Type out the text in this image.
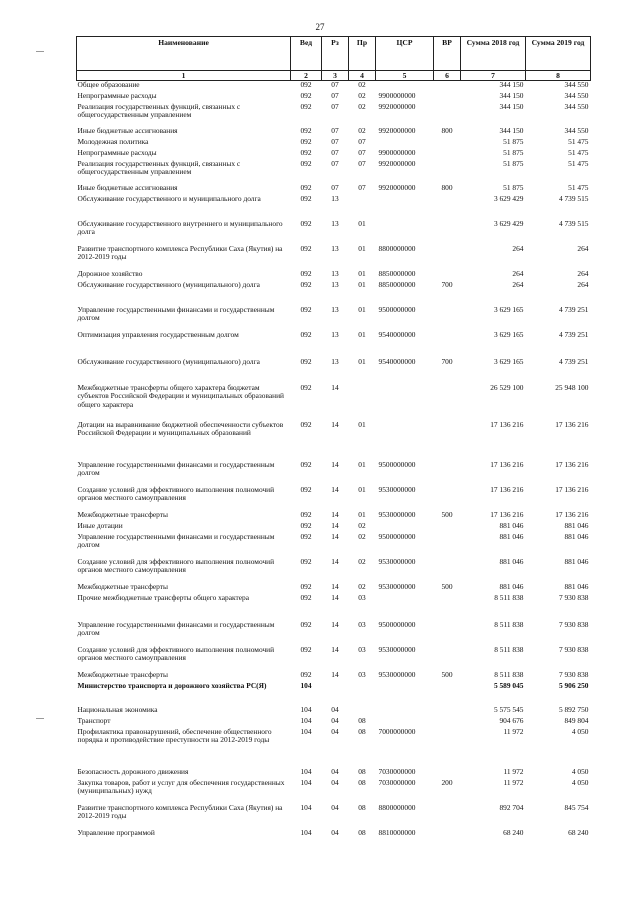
27
Наименование	Вед	Рз	Пр	ЦСР	ВР	Сумма 2018 год	Сумма 2019 год
1	2	3	4	5	6	7	8
Общее образование	092	07	02			344 150	344 550
Непрограммные расходы	092	07	02	9900000000		344 150	344 550
Реализация государственных функций, связанных с общегосударственным управлением	092	07	02	9920000000		344 150	344 550
Иные бюджетные ассигнования	092	07	02	9920000000	800	344 150	344 550
Молодежная политика	092	07	07			51 875	51 475
Непрограммные расходы	092	07	07	9900000000		51 875	51 475
Реализация государственных функций, связанных с общегосударственным управлением	092	07	07	9920000000		51 875	51 475
Иные бюджетные ассигнования	092	07	07	9920000000	800	51 875	51 475
Обслуживание государственного и муниципального долга	092	13				3 629 429	4 739 515
Обслуживание государственного внутреннего и муниципального долга	092	13	01			3 629 429	4 739 515
Развитие транспортного комплекса Республики Саха (Якутия) на 2012-2019 годы	092	13	01	8800000000		264	264
Дорожное хозяйство	092	13	01	8850000000		264	264
Обслуживание государственного (муниципального) долга	092	13	01	8850000000	700	264	264
Управление государственными финансами и государственным долгом	092	13	01	9500000000		3 629 165	4 739 251
Оптимизация управления государственным долгом	092	13	01	9540000000		3 629 165	4 739 251
Обслуживание государственного (муниципального) долга	092	13	01	9540000000	700	3 629 165	4 739 251
Межбюджетные трансферты общего характера бюджетам субъектов Российской Федерации и муниципальных образований общего характера	092	14				26 529 100	25 948 100
Дотации на выравнивание бюджетной обеспеченности субъектов Российской Федерации и муниципальных образований	092	14	01			17 136 216	17 136 216
Управление государственными финансами и государственным долгом	092	14	01	9500000000		17 136 216	17 136 216
Создание условий для эффективного выполнения полномочий органов местного самоуправления	092	14	01	9530000000		17 136 216	17 136 216
Межбюджетные трансферты	092	14	01	9530000000	500	17 136 216	17 136 216
Иные дотации	092	14	02			881 046	881 046
Управление государственными финансами и государственным долгом	092	14	02	9500000000		881 046	881 046
Создание условий для эффективного выполнения полномочий органов местного самоуправления	092	14	02	9530000000		881 046	881 046
Межбюджетные трансферты	092	14	02	9530000000	500	881 046	881 046
Прочие межбюджетные трансферты общего характера	092	14	03			8 511 838	7 930 838
Управление государственными финансами и государственным долгом	092	14	03	9500000000		8 511 838	7 930 838
Создание условий для эффективного выполнения полномочий органов местного самоуправления	092	14	03	9530000000		8 511 838	7 930 838
Межбюджетные трансферты	092	14	03	9530000000	500	8 511 838	7 930 838
Министерство транспорта и дорожного хозяйства РС(Я)	104					5 589 045	5 906 250
Национальная экономика	104	04				5 575 545	5 892 750
Транспорт	104	04	08			904 676	849 804
Профилактика правонарушений, обеспечение общественного порядка и противодействие преступности на 2012-2019 годы	104	04	08	7000000000		11 972	4 050
Безопасность дорожного движения	104	04	08	7030000000		11 972	4 050
Закупка товаров, работ и услуг для обеспечения государственных (муниципальных) нужд	104	04	08	7030000000	200	11 972	4 050
Развитие транспортного комплекса Республики Саха (Якутия) на 2012-2019 годы	104	04	08	8800000000		892 704	845 754
Управление программой	104	04	08	8810000000		68 240	68 240
